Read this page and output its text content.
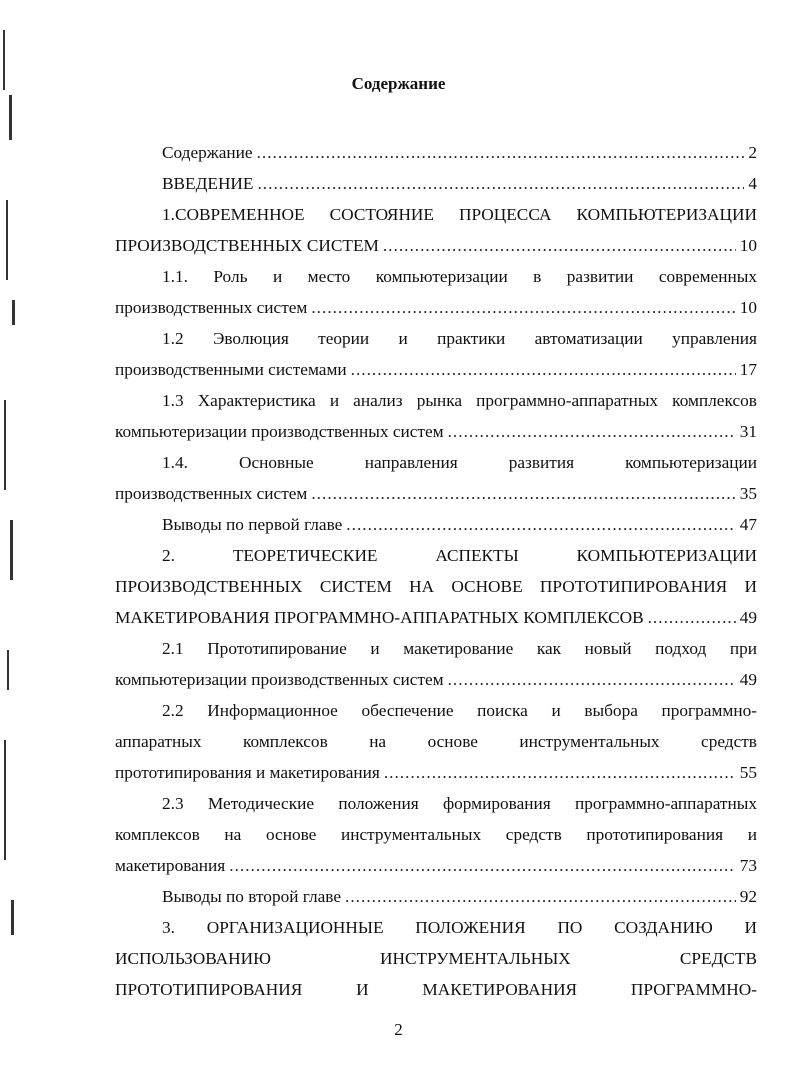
Содержание
Содержание .....	2
ВВЕДЕНИЕ .....	4
1.СОВРЕМЕННОЕ СОСТОЯНИЕ ПРОЦЕССА КОМПЬЮТЕРИЗАЦИИ
ПРОИЗВОДСТВЕННЫХ СИСТЕМ .....	10
1.1. Роль и место компьютеризации в развитии современных
производственных систем .....	10
1.2 Эволюция теории и практики автоматизации управления
производственными системами .....	17
1.3 Характеристика и анализ рынка программно-аппаратных комплексов
компьютеризации производственных систем .....	31
1.4.	Основные	направления	развития	компьютеризации
производственных систем .....	35
Выводы по первой главе .....	47
2.	ТЕОРЕТИЧЕСКИЕ	АСПЕКТЫ	КОМПЬЮТЕРИЗАЦИИ
ПРОИЗВОДСТВЕННЫХ СИСТЕМ НА ОСНОВЕ ПРОТОТИПИРОВАНИЯ И
МАКЕТИРОВАНИЯ ПРОГРАММНО-АППАРАТНЫХ КОМПЛЕКСОВ .....	49
2.1 Прототипирование и макетирование как новый подход при
компьютеризации производственных систем .....	49
2.2 Информационное обеспечение поиска и выбора программно-
аппаратных комплексов на основе инструментальных средств
прототипирования и макетирования .....	55
2.3 Методические положения формирования программно-аппаратных
комплексов на основе инструментальных средств прототипирования и
макетирования .....	73
Выводы по второй главе .....	92
3. ОРГАНИЗАЦИОННЫЕ ПОЛОЖЕНИЯ ПО СОЗДАНИЮ И
ИСПОЛЬЗОВАНИЮ	ИНСТРУМЕНТАЛЬНЫХ	СРЕДСТВ
ПРОТОТИПИРОВАНИЯ	И	МАКЕТИРОВАНИЯ	ПРОГРАММНО-
2
